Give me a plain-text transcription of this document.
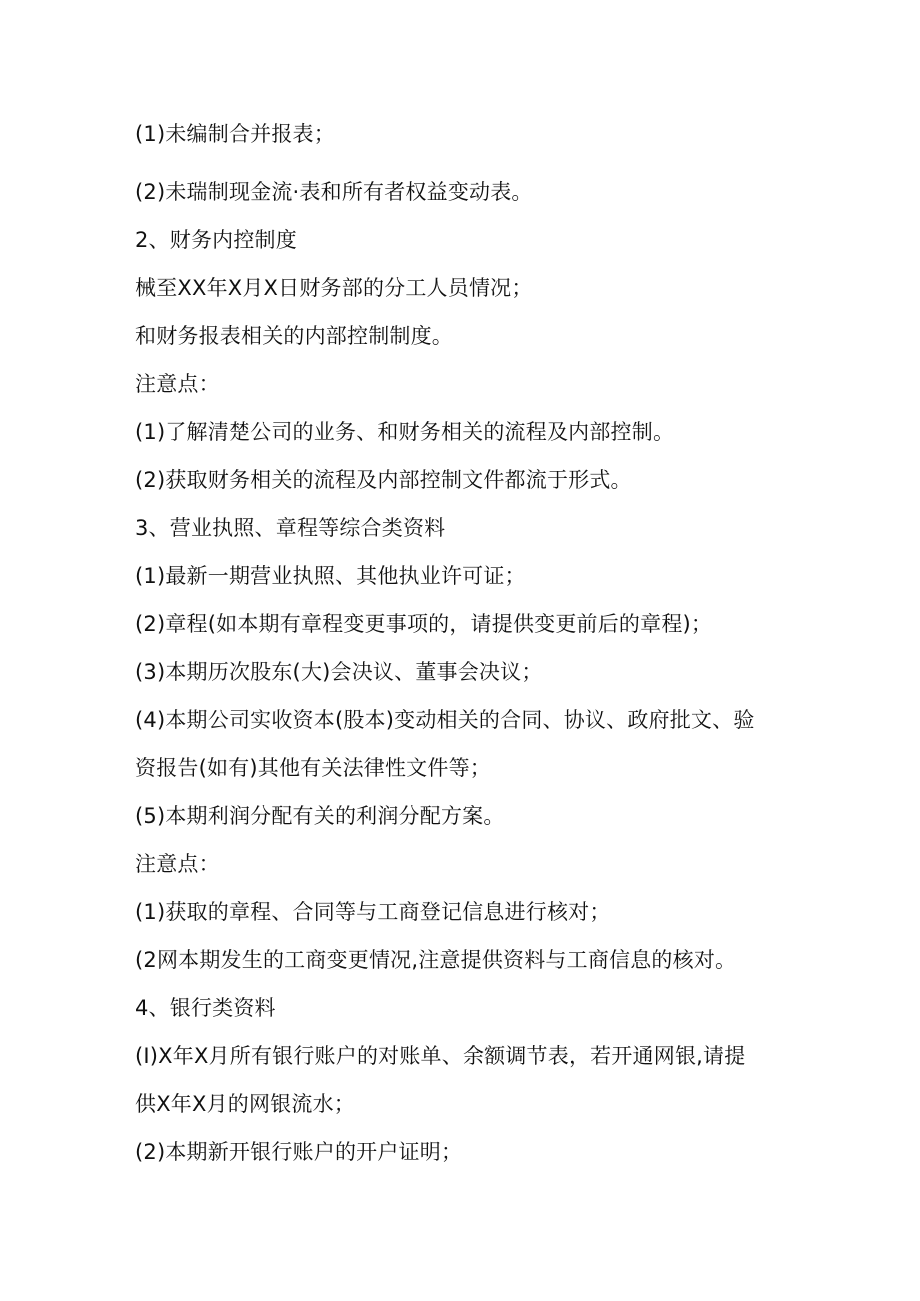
(1)未编制合并报表；
(2)未瑞制现金流·表和所有者权益变动表。
2、财务内控制度
械至XX年X月X日财务部的分工人员情况；
和财务报表相关的内部控制制度。
注意点：
(1)了解清楚公司的业务、和财务相关的流程及内部控制。
(2)获取财务相关的流程及内部控制文件都流于形式。
3、营业执照、章程等综合类资料
(1)最新一期营业执照、其他执业许可证；
(2)章程(如本期有章程变更事项的，请提供变更前后的章程)；
(3)本期历次股东(大)会决议、董事会决议；
(4)本期公司实收资本(股本)变动相关的合同、协议、政府批文、验
资报告(如有)其他有关法律性文件等；
(5)本期利润分配有关的利润分配方案。
注意点：
(1)获取的章程、合同等与工商登记信息进行核对；
(2网本期发生的工商变更情况,注意提供资料与工商信息的核对。
4、银行类资料
(I)X年X月所有银行账户的对账单、余额调节表，若开通网银,请提
供X年X月的网银流水；
(2)本期新开银行账户的开户证明；
